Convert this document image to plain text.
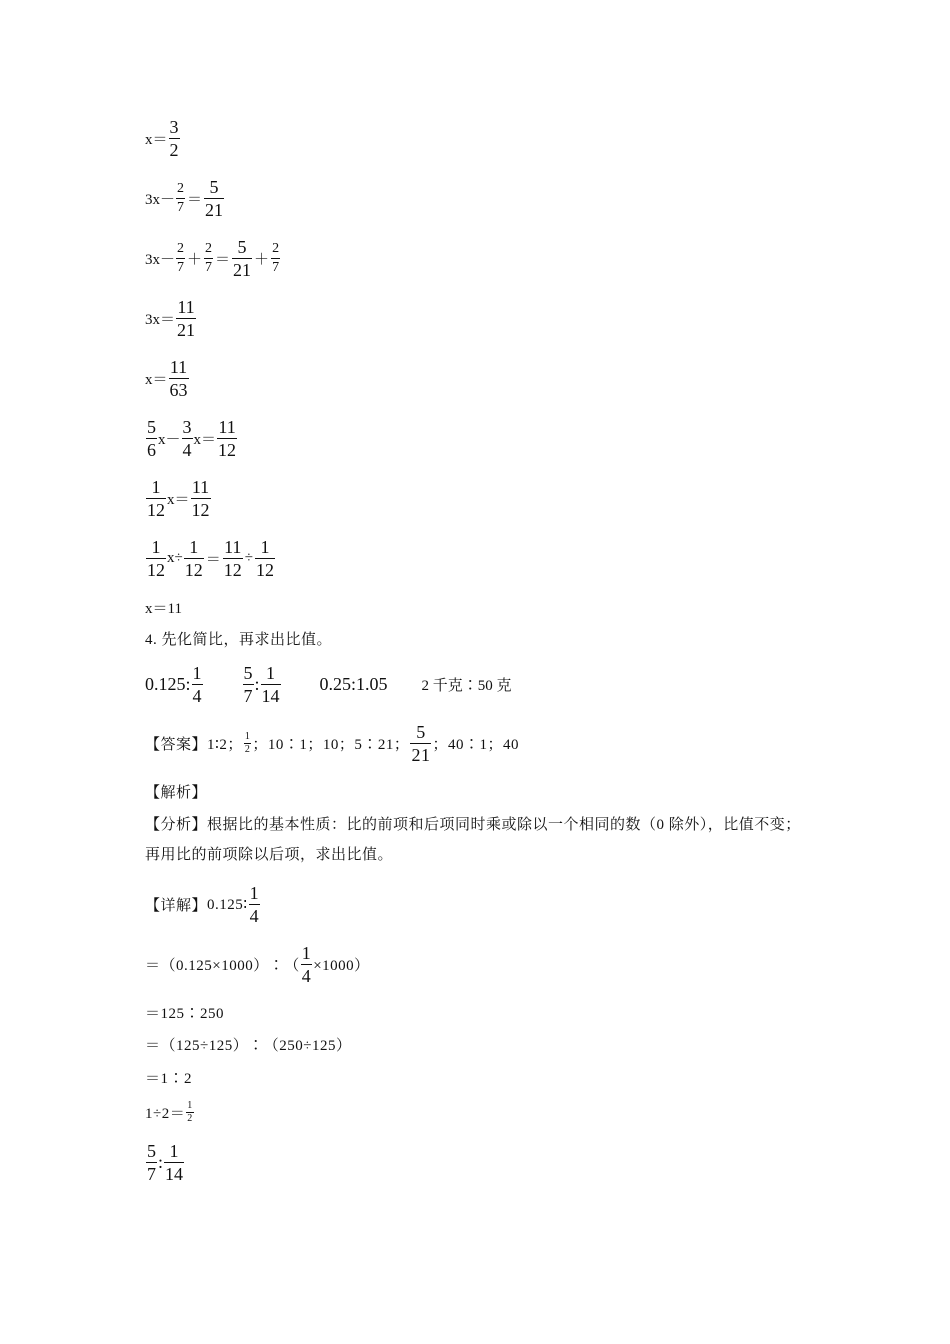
$x= \frac{3}{2}$
$3x- \frac{2}{7} = \frac{5}{21}$
$3x- \frac{2}{7} + \frac{2}{7} = \frac{5}{21} + \frac{2}{7}$
$3x= \frac{11}{21}$
$x= \frac{11}{63}$
$\frac{5}{6} x- \frac{3}{4} x= \frac{11}{12}$
$\frac{1}{12} x= \frac{11}{12}$
$\frac{1}{12} x\div \frac{1}{12} = \frac{11}{12} \div \frac{1}{12}$
x＝11
4. 先化简比，再求出比值。
0.125 : $\frac{1}{4} \frac{5}{7}$ : $\frac{1}{14}$ 0.25:1.05 2 千克∶50 克
【答案】 1∶2； $\frac{1}{2}$ ；10∶1；10；5∶21； $\frac{5}{21}$ ；40∶1；40
【解析】
【分析】根据比的基本性质：比的前项和后项同时乘或除以一个相同的数（0 除外），比值不变；再用比的前项除以后项，求出比值。
【详解】 0.125∶ $\frac{1}{4}$
＝（0.125×1000）∶（ $\frac{1}{4} \times 1000$）
＝125∶250
＝（125÷125）∶（250÷125）
＝1∶2
$1\div 2= \frac{1}{2}$
$\frac{5}{7}$ : $\frac{1}{14}$
